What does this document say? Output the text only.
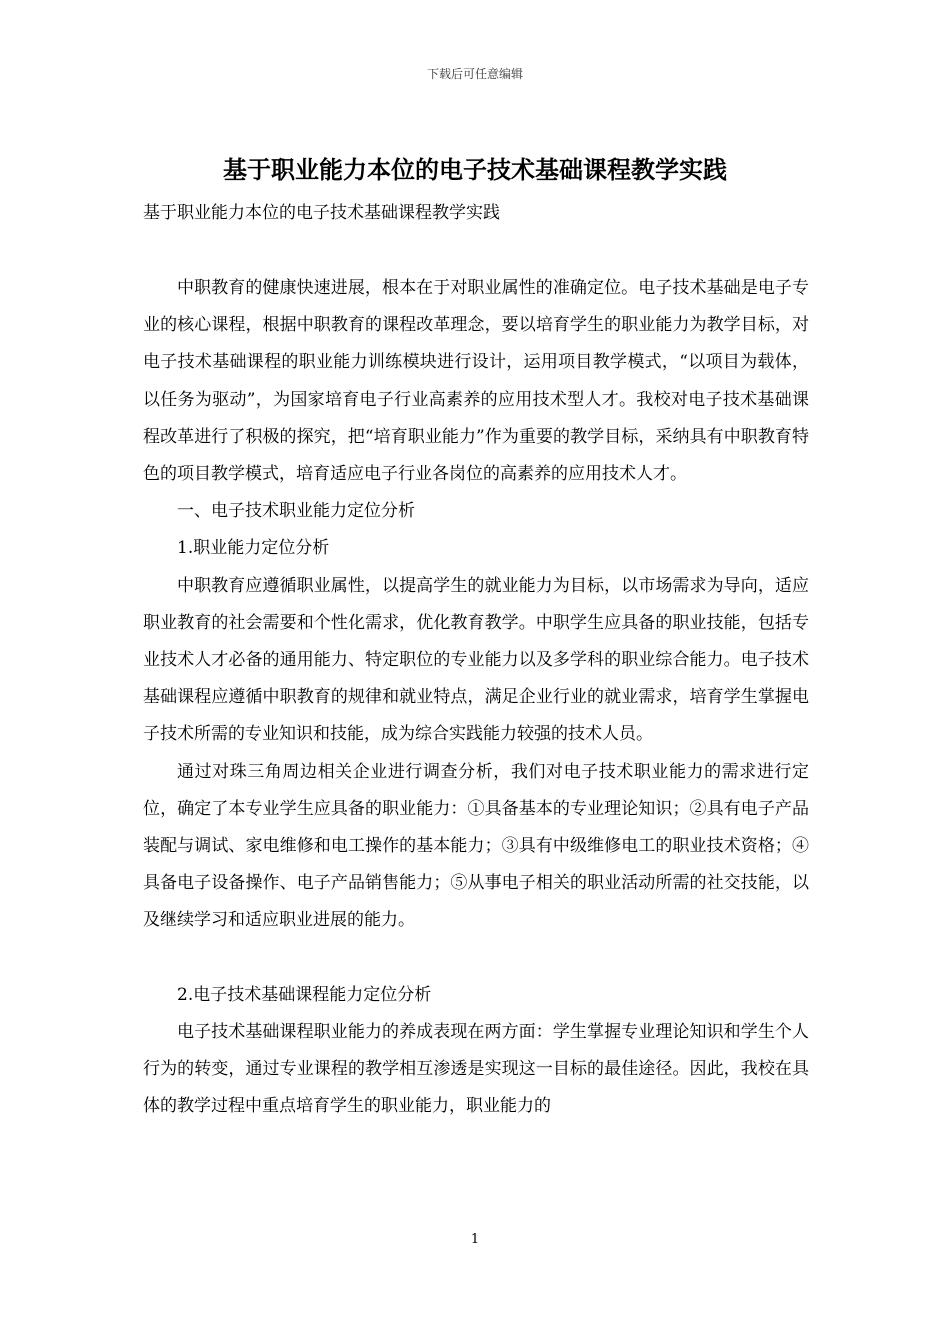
下载后可任意编辑
基于职业能力本位的电子技术基础课程教学实践

基于职业能力本位的电子技术基础课程教学实践

中职教育的健康快速进展，根本在于对职业属性的准确定位。电子技术基础是电子专业的核心课程，根据中职教育的课程改革理念，要以培育学生的职业能力为教学目标，对电子技术基础课程的职业能力训练模块进行设计，运用项目教学模式，“以项目为载体，以任务为驱动”，为国家培育电子行业高素养的应用技术型人才。我校对电子技术基础课程改革进行了积极的探究，把“培育职业能力”作为重要的教学目标，采纳具有中职教育特色的项目教学模式，培育适应电子行业各岗位的高素养的应用技术人才。

一、电子技术职业能力定位分析

1.职业能力定位分析

中职教育应遵循职业属性，以提高学生的就业能力为目标，以市场需求为导向，适应职业教育的社会需要和个性化需求，优化教育教学。中职学生应具备的职业技能，包括专业技术人才必备的通用能力、特定职位的专业能力以及多学科的职业综合能力。电子技术基础课程应遵循中职教育的规律和就业特点，满足企业行业的就业需求，培育学生掌握电子技术所需的专业知识和技能，成为综合实践能力较强的技术人员。

通过对珠三角周边相关企业进行调查分析，我们对电子技术职业能力的需求进行定位，确定了本专业学生应具备的职业能力：①具备基本的专业理论知识；②具有电子产品装配与调试、家电维修和电工操作的基本能力；③具有中级维修电工的职业技术资格；④具备电子设备操作、电子产品销售能力；⑤从事电子相关的职业活动所需的社交技能，以及继续学习和适应职业进展的能力。

2.电子技术基础课程能力定位分析

电子技术基础课程职业能力的养成表现在两方面：学生掌握专业理论知识和学生个人行为的转变，通过专业课程的教学相互渗透是实现这一目标的最佳途径。因此，我校在具体的教学过程中重点培育学生的职业能力，职业能力的

1
